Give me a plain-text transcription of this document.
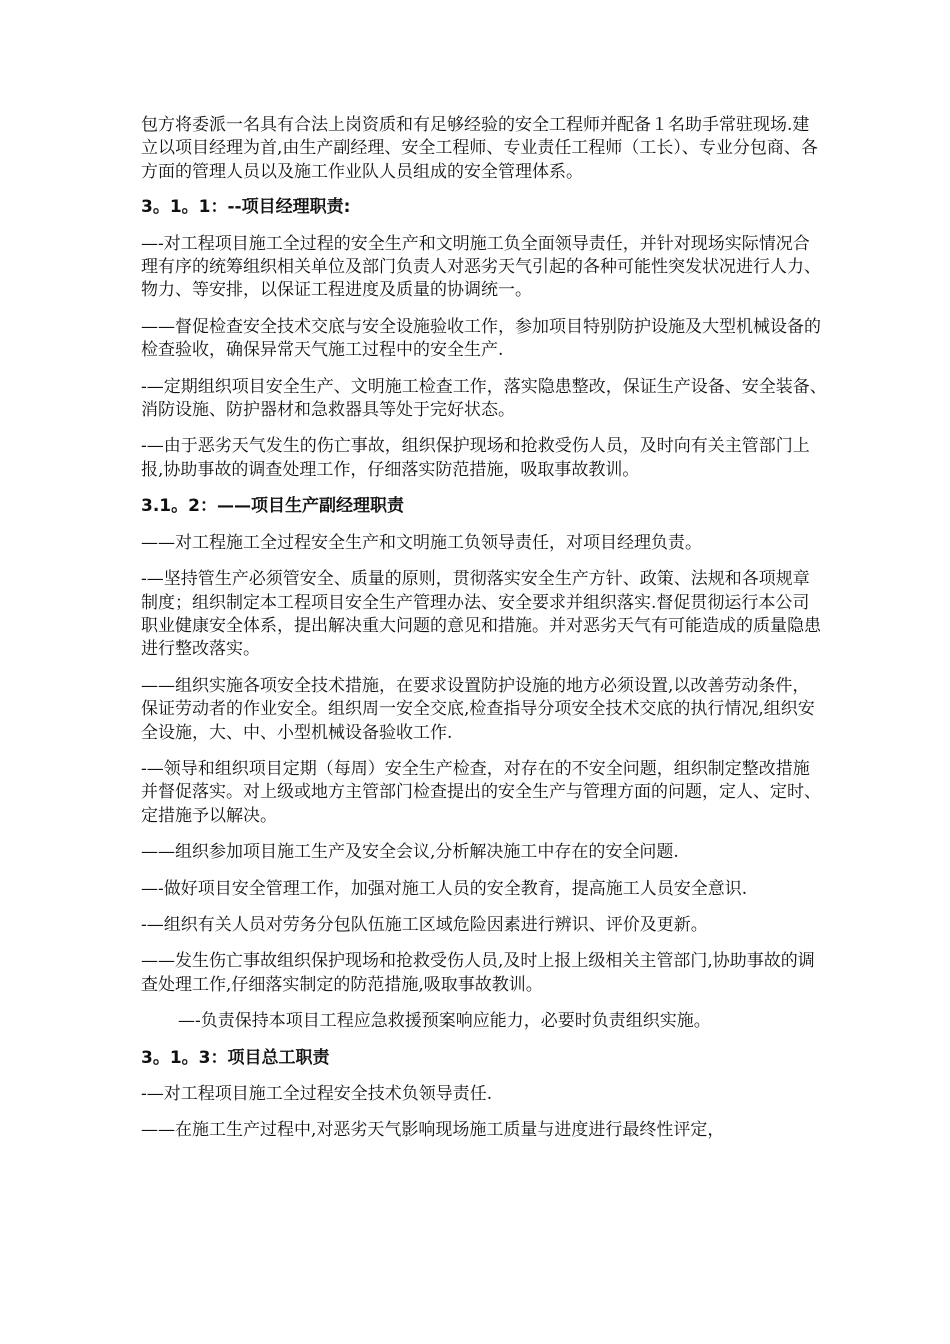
包方将委派一名具有合法上岗资质和有足够经验的安全工程师并配备１名助手常驻现场.建立以项目经理为首,由生产副经理、安全工程师、专业责任工程师（工长）、专业分包商、各方面的管理人员以及施工作业队人员组成的安全管理体系。

3。1。1：--项目经理职责:

—-对工程项目施工全过程的安全生产和文明施工负全面领导责任，并针对现场实际情况合理有序的统筹组织相关单位及部门负责人对恶劣天气引起的各种可能性突发状况进行人力、物力、等安排，以保证工程进度及质量的协调统一。

——督促检查安全技术交底与安全设施验收工作，参加项目特别防护设施及大型机械设备的检查验收，确保异常天气施工过程中的安全生产.

-—定期组织项目安全生产、文明施工检查工作，落实隐患整改，保证生产设备、安全装备、消防设施、防护器材和急救器具等处于完好状态。

-—由于恶劣天气发生的伤亡事故，组织保护现场和抢救受伤人员，及时向有关主管部门上报,协助事故的调查处理工作，仔细落实防范措施，吸取事故教训。

3.1。2：——项目生产副经理职责

——对工程施工全过程安全生产和文明施工负领导责任，对项目经理负责。

-—坚持管生产必须管安全、质量的原则，贯彻落实安全生产方针、政策、法规和各项规章制度；组织制定本工程项目安全生产管理办法、安全要求并组织落实.督促贯彻运行本公司职业健康安全体系，提出解决重大问题的意见和措施。并对恶劣天气有可能造成的质量隐患进行整改落实。

——组织实施各项安全技术措施，在要求设置防护设施的地方必须设置,以改善劳动条件，保证劳动者的作业安全。组织周一安全交底,检查指导分项安全技术交底的执行情况,组织安全设施，大、中、小型机械设备验收工作.

-—领导和组织项目定期（每周）安全生产检查，对存在的不安全问题，组织制定整改措施并督促落实。对上级或地方主管部门检查提出的安全生产与管理方面的问题，定人、定时、定措施予以解决。

——组织参加项目施工生产及安全会议,分析解决施工中存在的安全问题.

—-做好项目安全管理工作，加强对施工人员的安全教育，提高施工人员安全意识.

-—组织有关人员对劳务分包队伍施工区域危险因素进行辨识、评价及更新。

——发生伤亡事故组织保护现场和抢救受伤人员,及时上报上级相关主管部门,协助事故的调查处理工作,仔细落实制定的防范措施,吸取事故教训。

—-负责保持本项目工程应急救援预案响应能力，必要时负责组织实施。

3。1。3：项目总工职责

-—对工程项目施工全过程安全技术负领导责任.

——在施工生产过程中,对恶劣天气影响现场施工质量与进度进行最终性评定，
